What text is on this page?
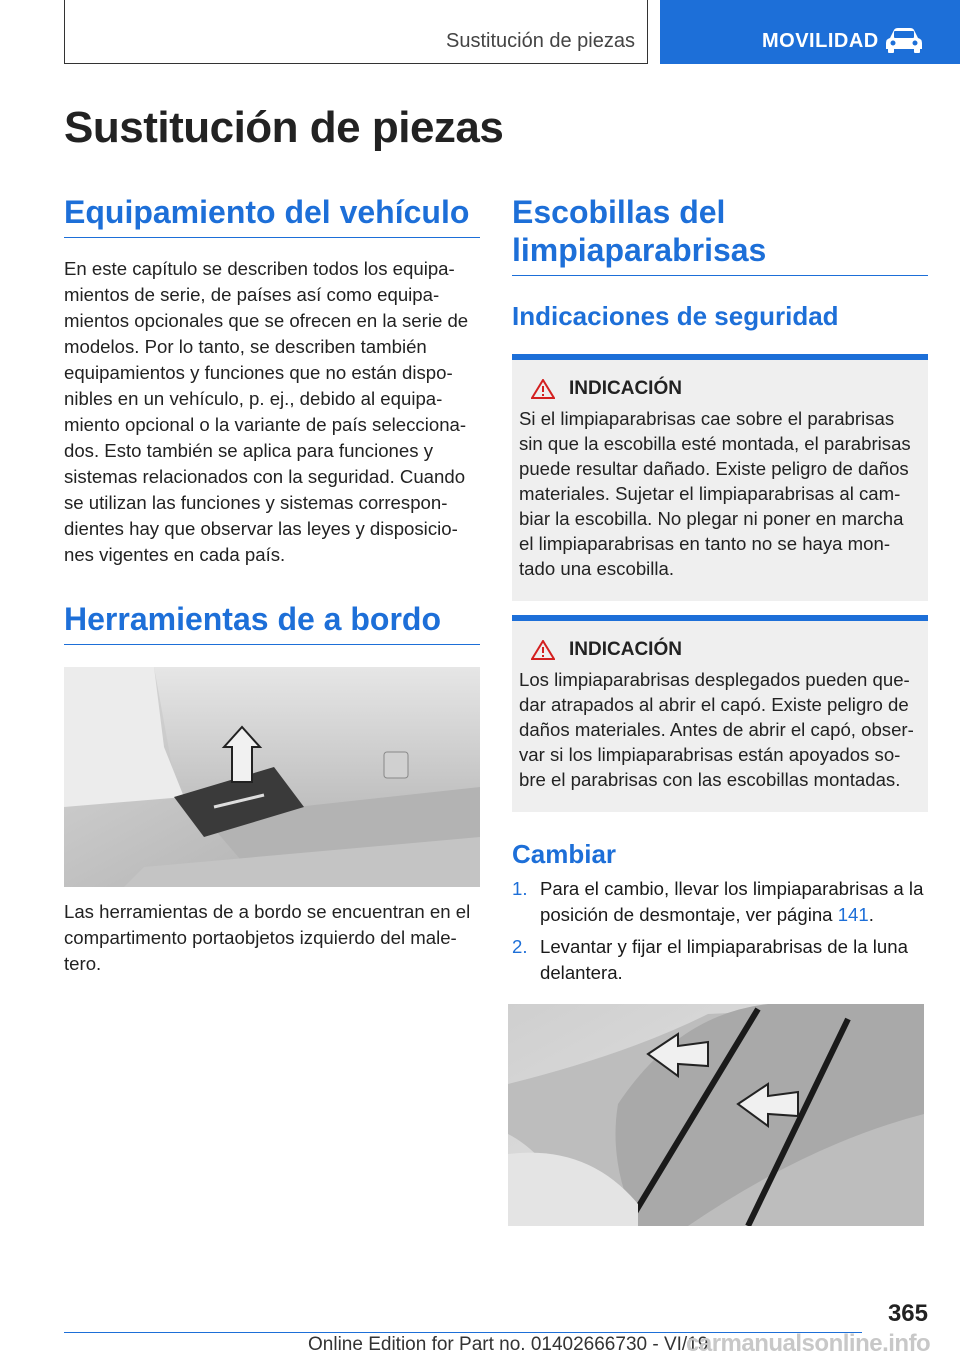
Sustitución de piezas	MOVILIDAD
Sustitución de piezas
Equipamiento del vehículo

En este capítulo se describen todos los equipa-mientos de serie, de países así como equipa-mientos opcionales que se ofrecen en la serie de modelos. Por lo tanto, se describen también equipamientos y funciones que no están dispo-nibles en un vehículo, p. ej., debido al equipa-miento opcional o la variante de país selecciona-dos. Esto también se aplica para funciones y sistemas relacionados con la seguridad. Cuando se utilizan las funciones y sistemas correspon-dientes hay que observar las leyes y disposicio-nes vigentes en cada país.

Herramientas de a bordo

Las herramientas de a bordo se encuentran en el compartimento portaobjetos izquierdo del male-tero.

Escobillas del limpiaparabrisas
Indicaciones de seguridad
INDICACIÓN

Si el limpiaparabrisas cae sobre el parabrisas sin que la escobilla esté montada, el parabrisas puede resultar dañado. Existe peligro de daños materiales. Sujetar el limpiaparabrisas al cam-biar la escobilla. No plegar ni poner en marcha el limpiaparabrisas en tanto no se haya mon-tado una escobilla.

INDICACIÓN

Los limpiaparabrisas desplegados pueden que-dar atrapados al abrir el capó. Existe peligro de daños materiales. Antes de abrir el capó, obser-var si los limpiaparabrisas están apoyados so-bre el parabrisas con las escobillas montadas.

Cambiar
1. Para el cambio, llevar los limpiaparabrisas a la posición de desmontaje, ver página 141.
2. Levantar y fijar el limpiaparabrisas de la luna delantera.
365
Online Edition for Part no. 01402666730 - VI/19
carmanualsonline.info
